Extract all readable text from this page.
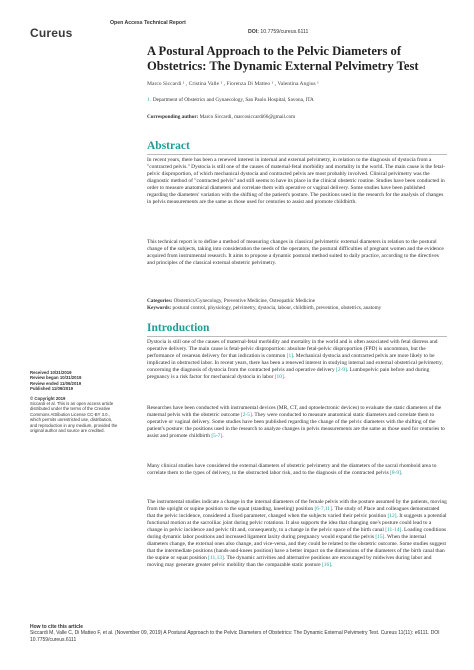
Cureus
Open Access Technical Report
DOI: 10.7759/cureus.6111
A Postural Approach to the Pelvic Diameters of Obstetrics: The Dynamic External Pelvimetry Test
Marco Siccardi ¹ , Cristina Valle ¹ , Fiorenza Di Matteo ¹ , Valentina Angius ¹
1. Department of Obstetrics and Gynaecology, San Paolo Hospital, Savona, ITA
Corresponding author: Marco Siccardi, marcosiccardi66@gmail.com
Abstract
In recent years, there has been a renewed interest in internal and external pelvimetry, in relation to the diagnosis of dystocia from a "contracted pelvis." Dystocia is still one of the causes of maternal-fetal morbidity and mortality in the world. The main cause is the fetal-pelvic disproportion, of which mechanical dystocia and contracted pelvis are most probably involved. Clinical pelvimetry was the diagnostic method of "contracted pelvis" and still seems to have its place in the clinical obstetric routine. Studies have been conducted in order to measure anatomical diameters and correlate them with operative or vaginal delivery. Some studies have been published regarding the diameters' variation with the shifting of the patient's posture. The positions used in the research for the analysis of changes in pelvis measurements are the same as those used for centuries to assist and promote childbirth.
This technical report is to define a method of measuring changes in classical pelvimetric external diameters in relation to the postural change of the subjects, taking into consideration the needs of the operators, the postural difficulties of pregnant women and the evidence acquired from instrumental research. It aims to propose a dynamic postural method suited to daily practice, according to the directives and principles of the classical external obstetric pelvimetry.
Categories: Obstetrics/Gynecology, Preventive Medicine, Osteopathic Medicine
Keywords: postural control, physiology, pelvimetry, dystocia, labour, childbirth, prevention, obstetrics, anatomy
Introduction
Dystocia is still one of the causes of maternal-fetal morbidity and mortality in the world and is often associated with fetal distress and operative delivery. The main cause is fetal-pelvic disproportion: absolute fetal-pelvic disproportion (FPD) is uncommon, but the performance of cesarean delivery for that indication is common [1]. Mechanical dystocia and contracted pelvis are more likely to be implicated in obstructed labor. In recent years, there has been a renewed interest in studying internal and external obstetrical pelvimetry, concerning the diagnosis of dystocia from the contracted pelvis and operative delivery [2-9]. Lumbopelvic pain before and during pregnancy is a risk factor for mechanical dystocia in labor [10].
Researches have been conducted with instrumental devices (MR, CT, and optoelectronic devices) to evaluate the static diameters of the maternal pelvis with the obstetric outcome [2-5]. They were conducted to measure anatomical static diameters and correlate them to operative or vaginal delivery. Some studies have been published regarding the change of the pelvic diameters with the shifting of the patient's posture: the positions used in the research to analyze changes in pelvis measurements are the same as those used for centuries to assist and promote childbirth [5-7].
Many clinical studies have considered the external diameters of obstetric pelvimetry and the diameters of the sacral rhomboid area to correlate them to the types of delivery, to the obstructed labor risk, and to the diagnosis of the contracted pelvis [8-9].
The instrumental studies indicate a change in the internal diameters of the female pelvis with the posture assumed by the patients, moving from the upright or supine position to the squat (standing, kneeling) position [6-7,11]. The study of Place and colleagues demonstrated that the pelvic incidence, considered a fixed parameter, changed when the subjects varied their pelvic position [12]. It suggests a potential functional motion at the sacroiliac joint during pelvic rotations. It also supports the idea that changing one's posture could lead to a change in pelvic incidence and pelvic tilt and, consequently, to a change in the pelvic space of the birth canal [11-14]. Loading conditions during dynamic labor positions and increased ligament laxity during pregnancy would expand the pelvis [15]. When the internal diameters change, the external ones also change, and vice-versa, and they could be related to the obstetric outcome. Some studies suggest that the intermediate positions (hands-and-knees position) have a better impact on the dimensions of the diameters of the birth canal than the supine or squat position [11,13]. The dynamic activities and alternative positions are encouraged by midwives during labor and moving may generate greater pelvic mobility than the comparable static posture [16].
Received 10/31/2019
Review began 10/31/2019
Review ended 11/06/2019
Published 11/09/2019
© Copyright 2019
Siccardi et al. This is an open access article distributed under the terms of the Creative Commons Attribution License CC-BY 3.0., which permits unrestricted use, distribution, and reproduction in any medium, provided the original author and source are credited.
How to cite this article
Siccardi M, Valle C, Di Matteo F, et al. (November 09, 2019) A Postural Approach to the Pelvic Diameters of Obstetrics: The Dynamic External Pelvimetry Test. Cureus 11(11): e6111. DOI 10.7759/cureus.6111
